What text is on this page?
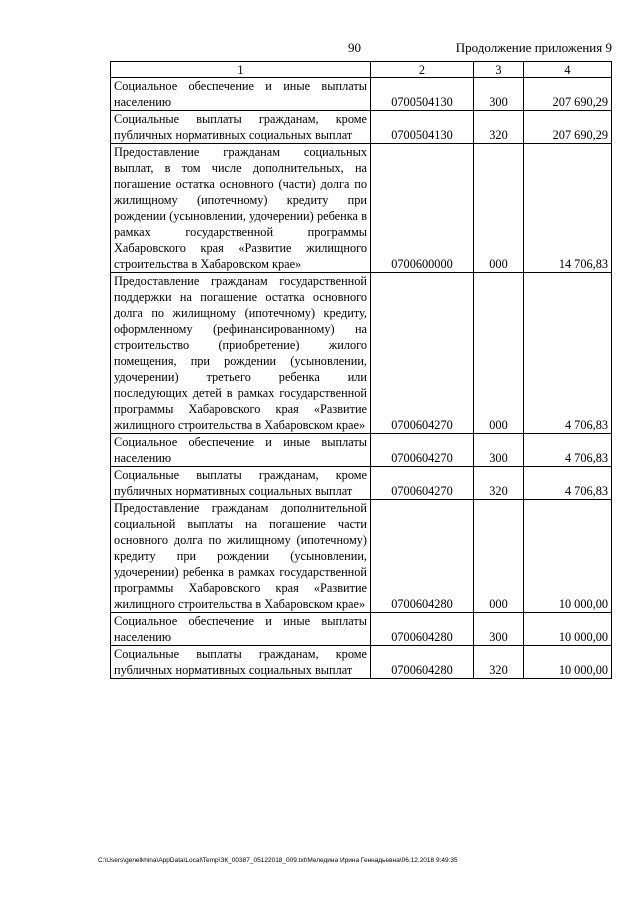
90	Продолжение приложения 9
1	2	3	4
Социальное обеспечение и иные выплаты населению	0700504130	300	207 690,29
Социальные выплаты гражданам, кроме публичных нормативных социальных выплат	0700504130	320	207 690,29
Предоставление гражданам социальных выплат, в том числе дополнительных, на погашение остатка основного (части) долга по жилищному (ипотечному) кредиту при рождении (усыновлении, удочерении) ребенка в рамках государственной программы Хабаровского края «Развитие жилищного строительства в Хабаровском крае»	0700600000	000	14 706,83
Предоставление гражданам государственной поддержки на погашение остатка основного долга по жилищному (ипотечному) кредиту, оформленному (рефинансированному) на строительство (приобретение) жилого помещения, при рождении (усыновлении, удочерении) третьего ребенка или последующих детей в рамках государственной программы Хабаровского края «Развитие жилищного строительства в Хабаровском крае»	0700604270	000	4 706,83
Социальное обеспечение и иные выплаты населению	0700604270	300	4 706,83
Социальные выплаты гражданам, кроме публичных нормативных социальных выплат	0700604270	320	4 706,83
Предоставление гражданам дополнительной социальной выплаты на погашение части основного долга по жилищному (ипотечному) кредиту при рождении (усыновлении, удочерении) ребенка в рамках государственной программы Хабаровского края «Развитие жилищного строительства в Хабаровском крае»	0700604280	000	10 000,00
Социальное обеспечение и иные выплаты населению	0700604280	300	10 000,00
Социальные выплаты гражданам, кроме публичных нормативных социальных выплат	0700604280	320	10 000,00
C:\Users\genelkhina\AppData\Local\Temp\ЗК_00387_05122018_009.txt\Меледина Ирина Геннадьевна\06.12.2018 9:49:35
